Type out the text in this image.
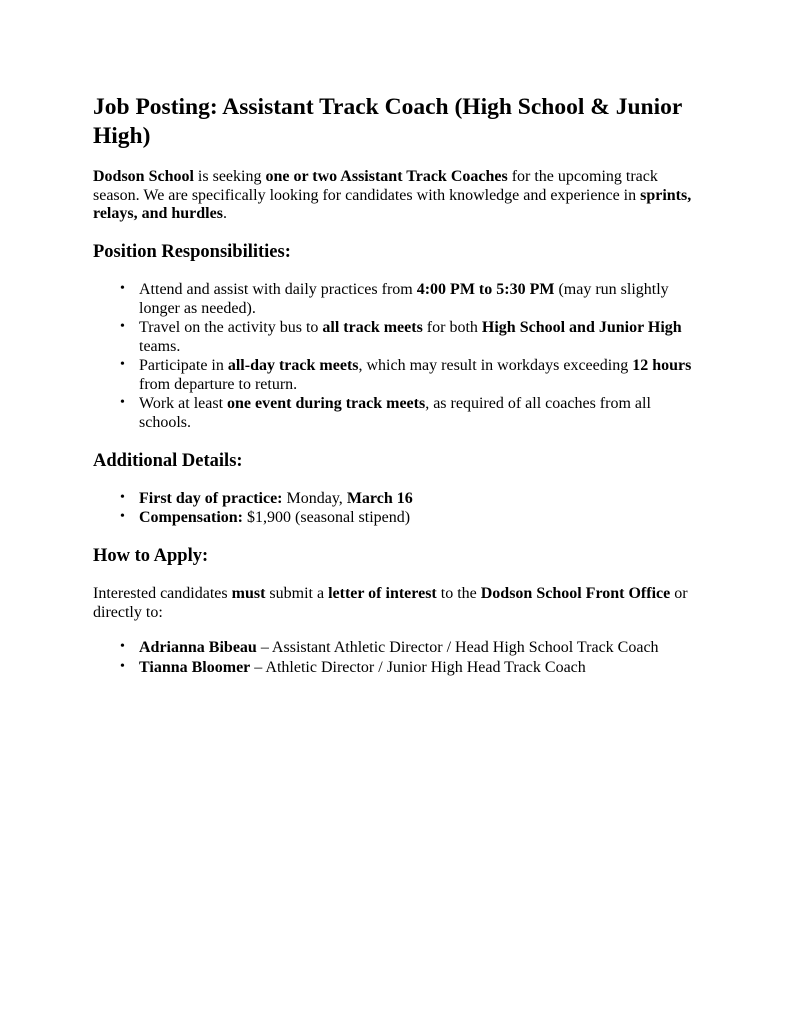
Job Posting: Assistant Track Coach (High School & Junior High)

Dodson School is seeking one or two Assistant Track Coaches for the upcoming track season. We are specifically looking for candidates with knowledge and experience in sprints, relays, and hurdles.

Position Responsibilities:
• Attend and assist with daily practices from 4:00 PM to 5:30 PM (may run slightly longer as needed).
• Travel on the activity bus to all track meets for both High School and Junior High teams.
• Participate in all-day track meets, which may result in workdays exceeding 12 hours from departure to return.
• Work at least one event during track meets, as required of all coaches from all schools.
Additional Details:
• First day of practice: Monday, March 16
• Compensation: $1,900 (seasonal stipend)
How to Apply:

Interested candidates must submit a letter of interest to the Dodson School Front Office or directly to:

• Adrianna Bibeau – Assistant Athletic Director / Head High School Track Coach
• Tianna Bloomer – Athletic Director / Junior High Head Track Coach
